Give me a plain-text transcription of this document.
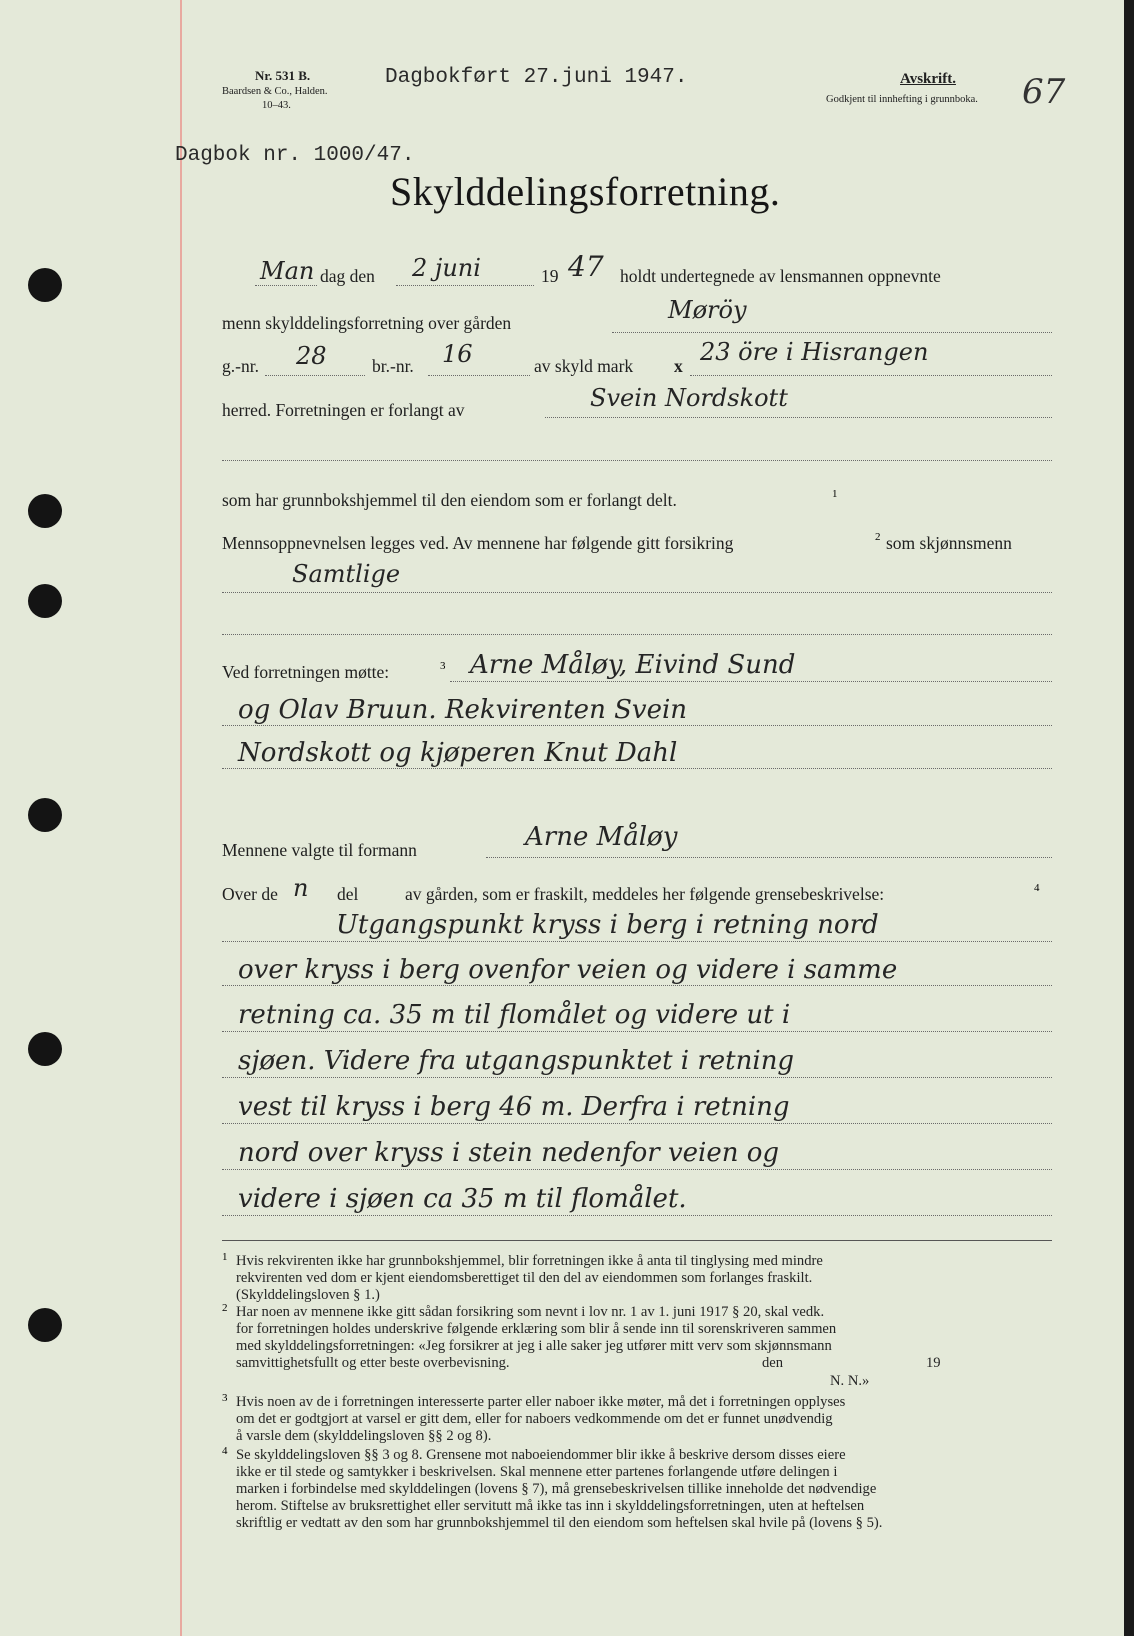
Nr. 531 B.
Baardsen & Co., Halden.
10–43.
Dagbokført 27.juni 1947.	Avskrift.
Godkjent til innhefting i grunnboka. 67
Dagbok nr. 1000/47.
Skylddelingsforretning.
Man dag den 2 juni	19 47 holdt undertegnede av lensmannen oppnevnte
menn skylddelingsforretning over gården	Møröy
g.-nr. 28	br.-nr. 16	av skyld mark x 23 öre i Hisrangen
herred. Forretningen er forlangt av	Svein Nordskott
som har grunnbokshjemmel til den eiendom som er forlangt delt.	1
Mennsoppnevnelsen legges ved. Av mennene har følgende gitt forsikring	2 som skjønnsmenn
Samtlige
Ved forretningen møtte:	3 Arne Måløy, Eivind Sund
og Olav Bruun. Rekvirenten Svein
Nordskott og kjøperen Knut Dahl
Mennene valgte til formann	Arne Måløy
Over de n del	av gården, som er fraskilt, meddeles her følgende grensebeskrivelse:	4
Utgangspunkt kryss i berg i retning nord
over kryss i berg ovenfor veien og videre i samme
retning ca. 35 m til flomålet og videre ut i
sjøen. Videre fra utgangspunktet i retning
vest til kryss i berg 46 m. Derfra i retning
nord over kryss i stein nedenfor veien og
videre i sjøen ca 35 m til flomålet.
1 Hvis rekvirenten ikke har grunnbokshjemmel, blir forretningen ikke å anta til tinglysing med mindre
rekvirenten ved dom er kjent eiendomsberettiget til den del av eiendommen som forlanges fraskilt.
(Skylddelingsloven § 1.)
2 Har noen av mennene ikke gitt sådan forsikring som nevnt i lov nr. 1 av 1. juni 1917 § 20, skal vedk.
for forretningen holdes underskrive følgende erklæring som blir å sende inn til sorenskriveren sammen
med skylddelingsforretningen: «Jeg forsikrer at jeg i alle saker jeg utfører mitt verv som skjønnsmann
samvittighetsfullt og etter beste overbevisning.	den	19
N. N.»
3 Hvis noen av de i forretningen interesserte parter eller naboer ikke møter, må det i forretningen opplyses
om det er godtgjort at varsel er gitt dem, eller for naboers vedkommende om det er funnet unødvendig
å varsle dem (skylddelingsloven §§ 2 og 8).
4 Se skylddelingsloven §§ 3 og 8. Grensene mot naboeiendommer blir ikke å beskrive dersom disses eiere
ikke er til stede og samtykker i beskrivelsen. Skal mennene etter partenes forlangende utføre delingen i
marken i forbindelse med skylddelingen (lovens § 7), må grensebeskrivelsen tillike inneholde det nødvendige
herom. Stiftelse av bruksrettighet eller servitutt må ikke tas inn i skylddelingsforretningen, uten at heftelsen
skriftlig er vedtatt av den som har grunnbokshjemmel til den eiendom som heftelsen skal hvile på (lovens § 5).
